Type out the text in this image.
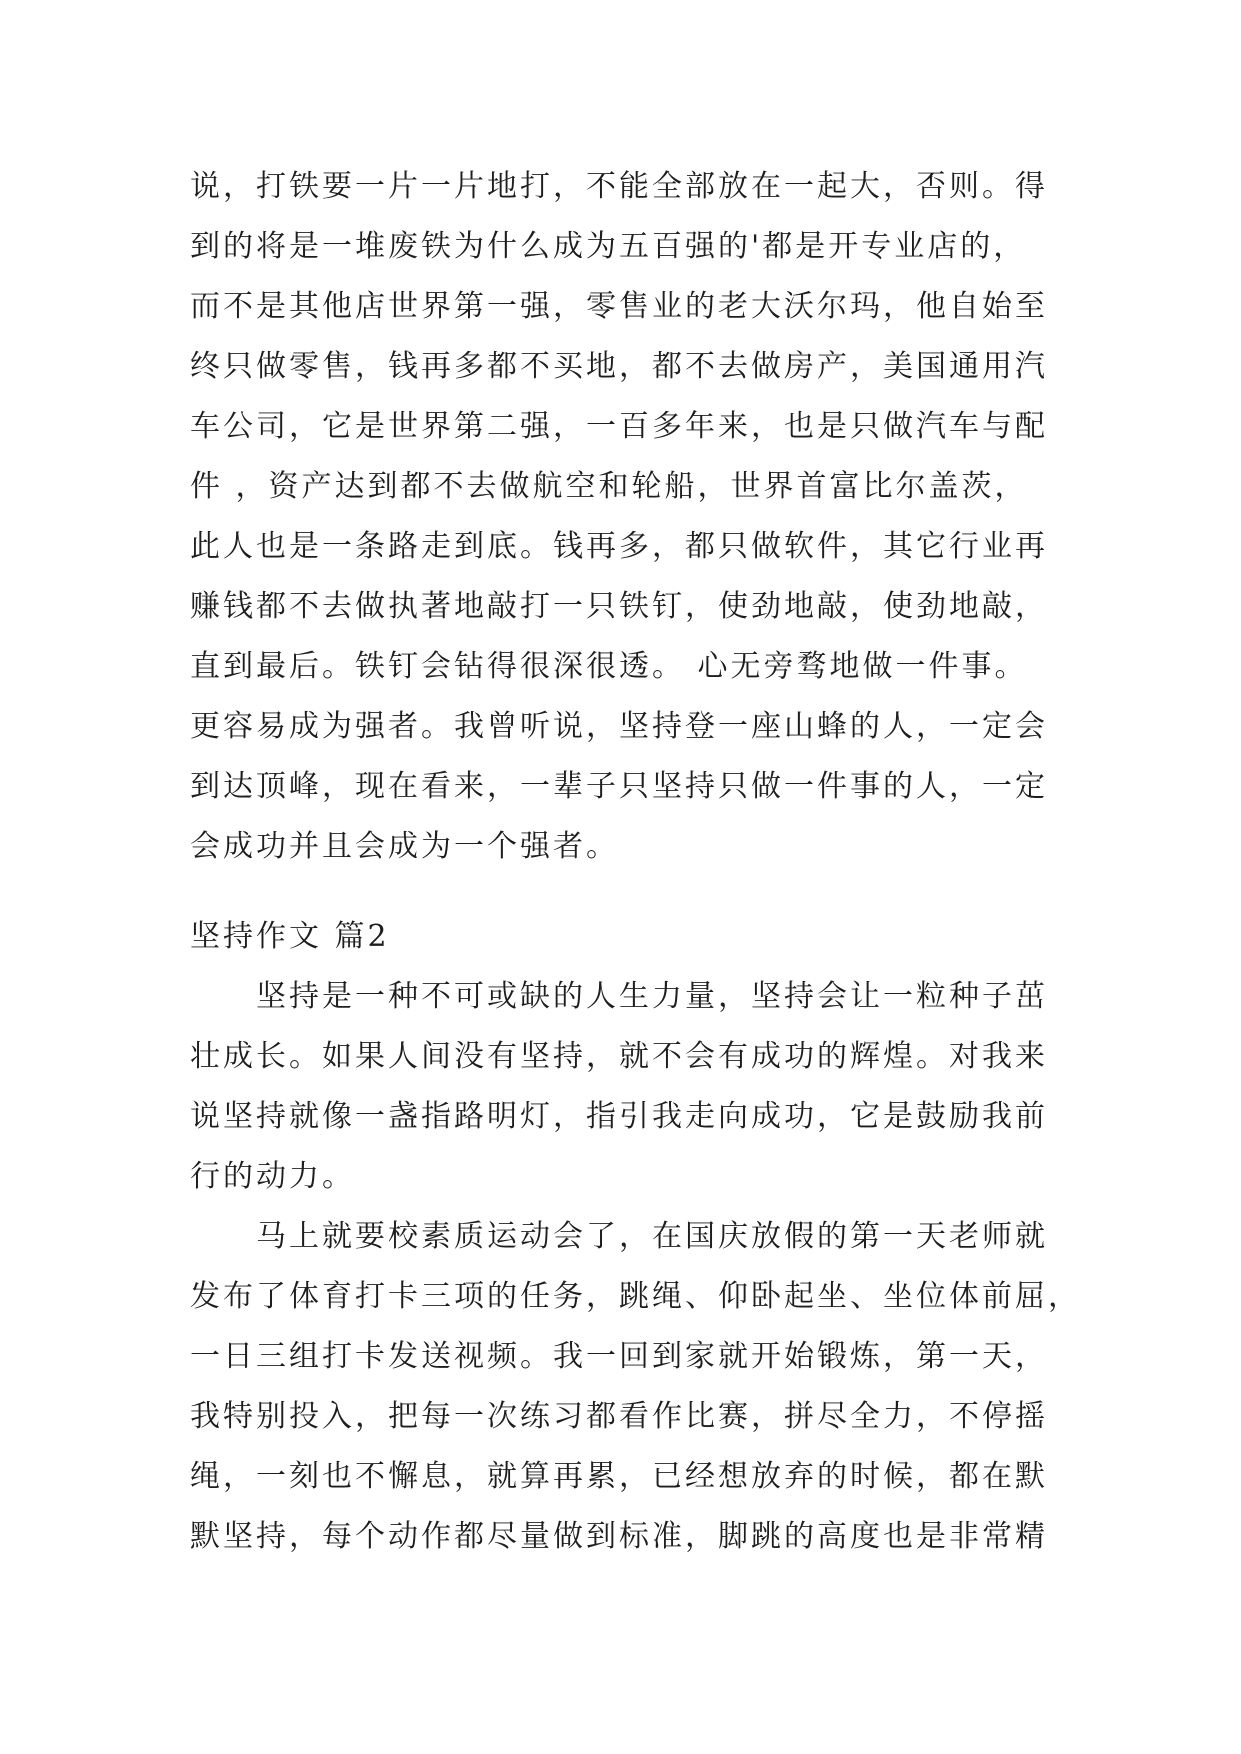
说，打铁要一片一片地打，不能全部放在一起大，否则。得
到的将是一堆废铁为什么成为五百强的'都是开专业店的，
而不是其他店世界第一强，零售业的老大沃尔玛，他自始至
终只做零售，钱再多都不买地，都不去做房产，美国通用汽
车公司，它是世界第二强，一百多年来，也是只做汽车与配
件 ，资产达到都不去做航空和轮船，世界首富比尔盖茨，
此人也是一条路走到底。钱再多，都只做软件，其它行业再
赚钱都不去做执著地敲打一只铁钉，使劲地敲，使劲地敲，
直到最后。铁钉会钻得很深很透。 心无旁骛地做一件事。
更容易成为强者。我曾听说，坚持登一座山蜂的人，一定会
到达顶峰，现在看来，一辈子只坚持只做一件事的人，一定
会成功并且会成为一个强者。
坚持作文 篇2
　　坚持是一种不可或缺的人生力量，坚持会让一粒种子茁
壮成长。如果人间没有坚持，就不会有成功的辉煌。对我来
说坚持就像一盏指路明灯，指引我走向成功，它是鼓励我前
行的动力。
　　马上就要校素质运动会了，在国庆放假的第一天老师就
发布了体育打卡三项的任务，跳绳、仰卧起坐、坐位体前屈，
一日三组打卡发送视频。我一回到家就开始锻炼，第一天，
我特别投入，把每一次练习都看作比赛，拼尽全力，不停摇
绳，一刻也不懈息，就算再累，已经想放弃的时候，都在默
默坚持，每个动作都尽量做到标准，脚跳的高度也是非常精
